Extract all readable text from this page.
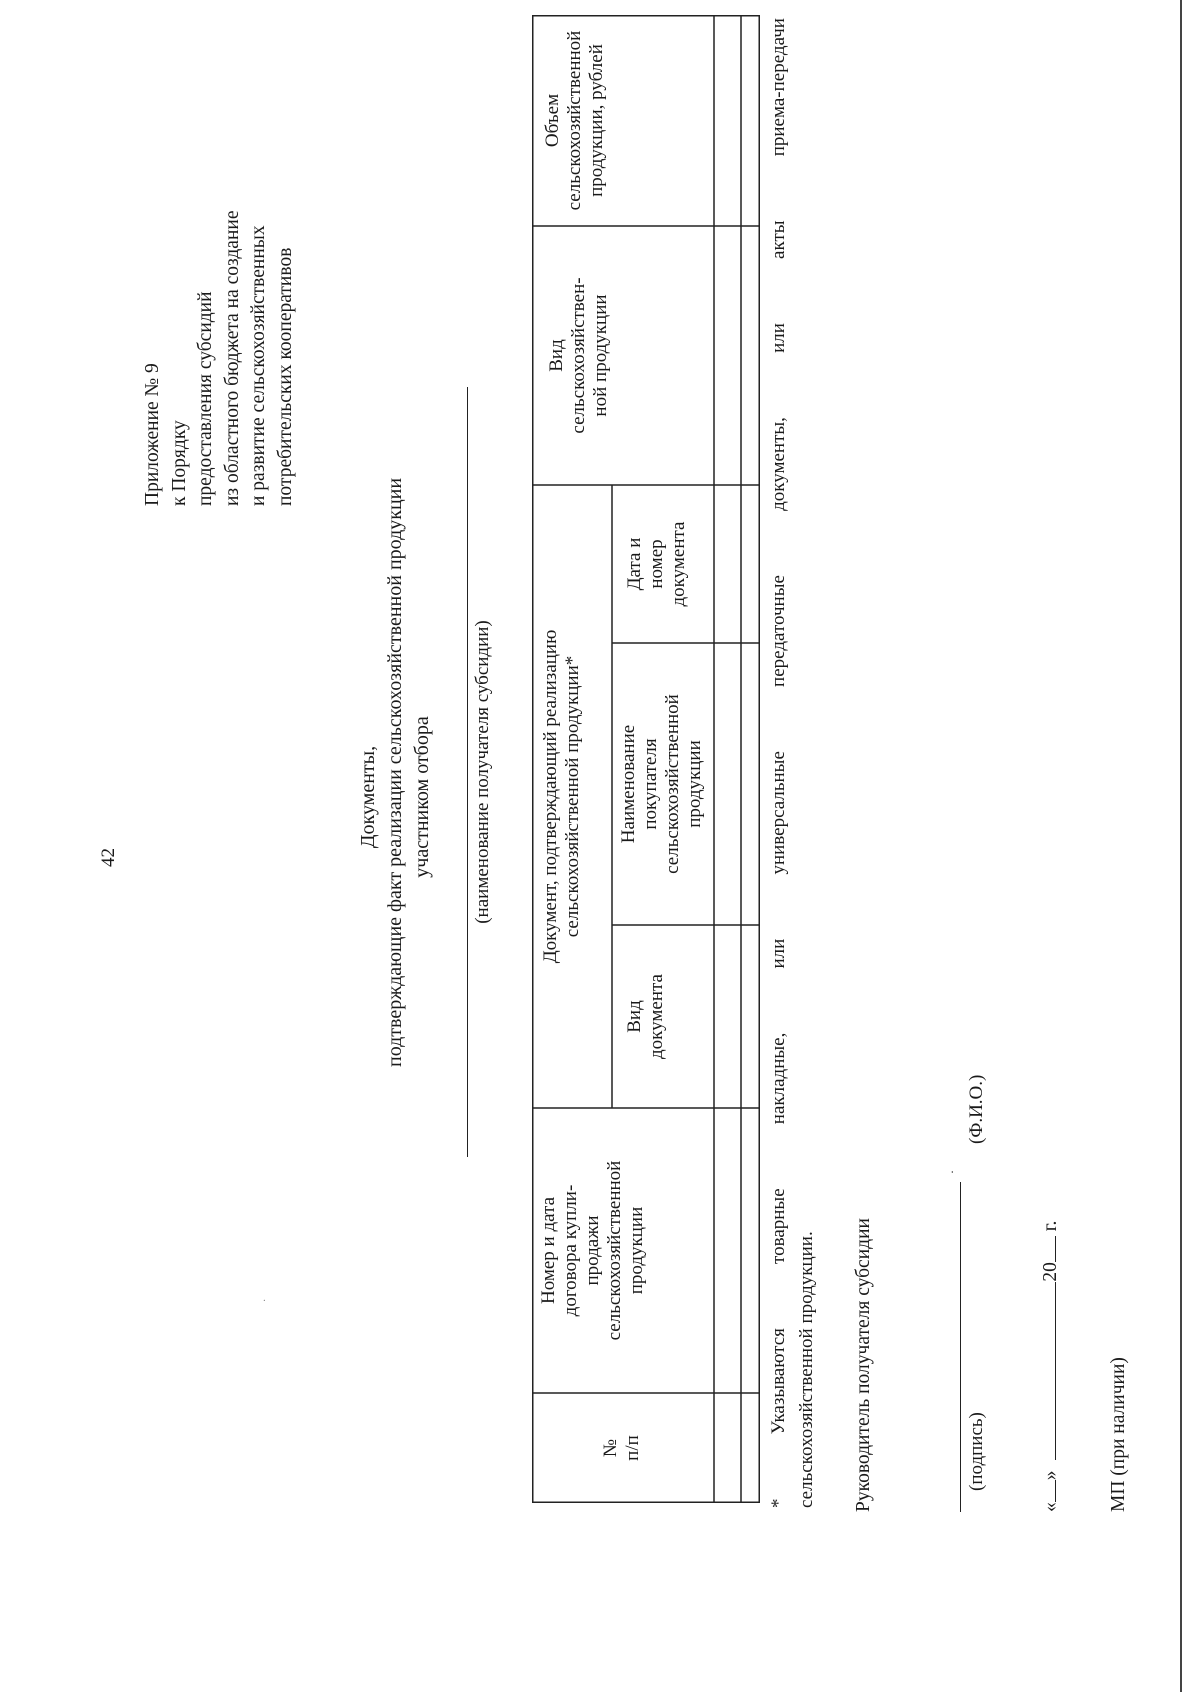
·
42
Приложение № 9 к Порядку предоставления субсидий из областного бюджета на создание и развитие сельскохозяйственных потребительских кооперативов
Документы, подтверждающие факт реализации сельскохозяйственной продукции участником отбора (наименование получателя субсидии)
№ п/п
Номер и дата договора купли- продажи сельскохозяйственной продукции
Документ, подтверждающий реализацию сельскохозяйственной продукции*
Вид документа
Наименование покупателя сельскохозяйственной продукции
Дата и номер документа
Вид сельскохозяйствен- ной продукции
Объем сельскохозяйственной продукции, рублей
*
Указываются
товарные
накладные,
или
универсальные
передаточные
документы,
или
акты
приема-передачи
сельскохозяйственной продукции. Руководитель получателя субсидии	(подпись)
·
(Ф.И.О.)
«» 20 г.
МП (при наличии)
